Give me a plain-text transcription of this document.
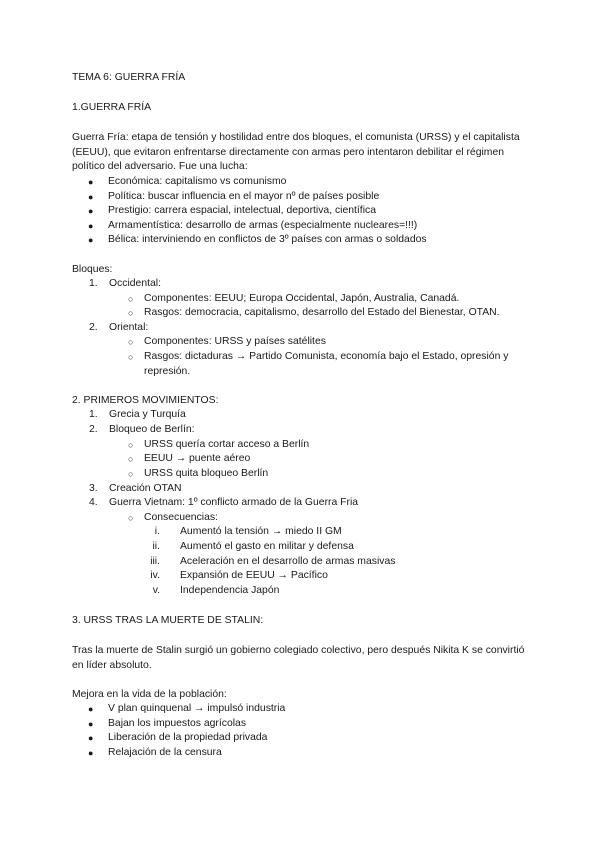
TEMA 6: GUERRA FRÍA
1.GUERRA FRÍA

Guerra Fría: etapa de tensión y hostilidad entre dos bloques, el comunista (URSS) y el capitalista (EEUU), que evitaron enfrentarse directamente con armas pero intentaron debilitar el régimen político del adversario. Fue una lucha:

● Económica: capitalismo vs comunismo
● Política: buscar influencia en el mayor nº de países posible
● Prestigio: carrera espacial, intelectual, deportiva, científica
● Armamentística: desarrollo de armas (especialmente nucleares=!!!)
● Bélica: interviniendo en conflictos de 3º países con armas o soldados
Bloques:
1. Occidental:
○ Componentes: EEUU; Europa Occidental, Japón, Australia, Canadá.
○ Rasgos: democracia, capitalismo, desarrollo del Estado del Bienestar, OTAN.
2. Oriental:
○ Componentes: URSS y países satélites
○ Rasgos: dictaduras → Partido Comunista, economía bajo el Estado, opresión y represión.
2. PRIMEROS MOVIMIENTOS:
1. Grecia y Turquía
2. Bloqueo de Berlín:
○ URSS quería cortar acceso a Berlín
○ EEUU → puente aéreo
○ URSS quita bloqueo Berlín
3. Creación OTAN
4. Guerra Vietnam: 1º conflicto armado de la Guerra Fria
○ Consecuencias:
i. Aumentó la tensión → miedo II GM
ii. Aumentó el gasto en militar y defensa
iii. Aceleración en el desarrollo de armas masivas
iv. Expansión de EEUU → Pacífico
v. Independencia Japón
3. URSS TRAS LA MUERTE DE STALIN:

Tras la muerte de Stalin surgió un gobierno colegiado colectivo, pero después Nikita K se convirtió en líder absoluto.

Mejora en la vida de la población:
● V plan quinquenal → impulsó industria
● Bajan los impuestos agrícolas
● Liberación de la propiedad privada
● Relajación de la censura
